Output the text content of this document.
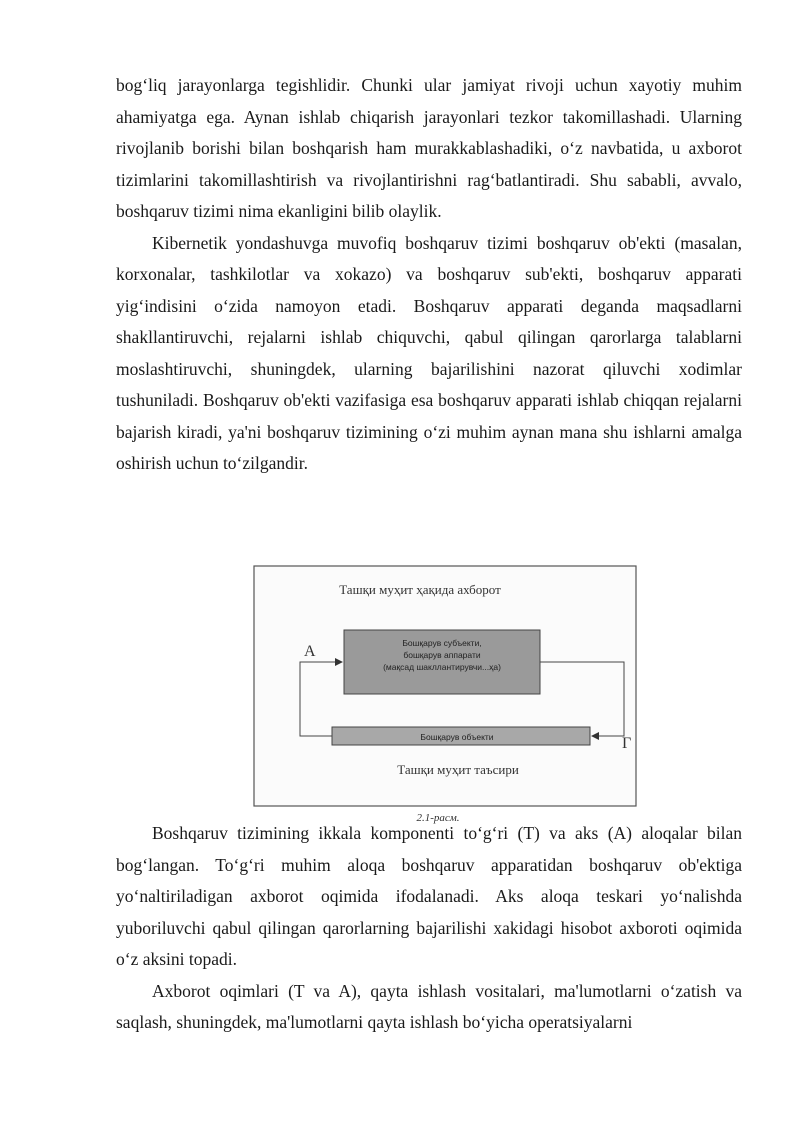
bog‘liq jarayonlarga tegishlidir. Chunki ular jamiyat rivoji uchun xayotiy muhim ahamiyatga ega. Aynan ishlab chiqarish jarayonlari tezkor takomillashadi. Ularning rivojlanib borishi bilan boshqarish ham murakkablashadiki, o‘z navbatida, u axborot tizimlarini takomillashtirish va rivojlantirishni rag‘batlantiradi. Shu sababli, avvalo, boshqaruv tizimi nima ekanligini bilib olaylik.

Kibernetik yondashuvga muvofiq boshqaruv tizimi boshqaruv ob'ekti (masalan, korxonalar, tashkilotlar va xokazo) va boshqaruv sub'ekti, boshqaruv apparati yig‘indisini o‘zida namoyon etadi. Boshqaruv apparati deganda maqsadlarni shakllantiruvchi, rejalarni ishlab chiquvchi, qabul qilingan qarorlarga talablarni moslashtiruvchi, shuningdek, ularning bajarilishini nazorat qiluvchi xodimlar tushuniladi. Boshqaruv ob'ekti vazifasiga esa boshqaruv apparati ishlab chiqqan rejalarni bajarish kiradi, ya'ni boshqaruv tizimining o‘zi muhim aynan mana shu ishlarni amalga oshirish uchun to‘zilgandir.

Ташқи муҳит ҳақида ахборот
Бошқарув субъекти,
бошқарув аппарати
(мақсад шакллантирувчи...ҳа)
Бошқарув объекти
А
Г
Ташқи муҳит таъсири
2.1-расм.

Boshqaruv tizimining ikkala komponenti to‘g‘ri (T) va aks (A) aloqalar bilan bog‘langan. To‘g‘ri muhim aloqa boshqaruv apparatidan boshqaruv ob'ektiga yo‘naltiriladigan axborot oqimida ifodalanadi. Aks aloqa teskari yo‘nalishda yuboriluvchi qabul qilingan qarorlarning bajarilishi xakidagi hisobot axboroti oqimida o‘z aksini topadi.

Axborot oqimlari (T va A), qayta ishlash vositalari, ma'lumotlarni o‘zatish va saqlash, shuningdek, ma'lumotlarni qayta ishlash bo‘yicha operatsiyalarni
